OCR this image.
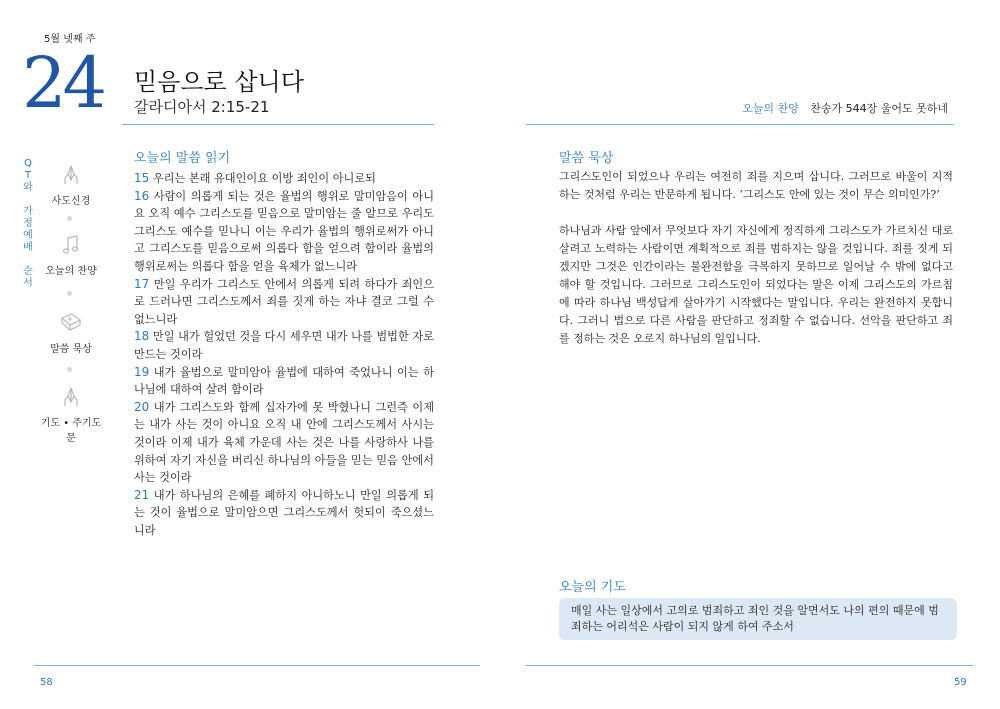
5월 넷째 주
24 믿음으로 삽니다
갈라디아서 2:15-21	오늘의 찬양 찬송가 544장 울어도 못하네
Q
T
와

가
정
예
배

순
서
사도신경
오늘의 찬양
말씀 묵상
기도 • 주기도문
오늘의 말씀 읽기
15 우리는 본래 유대인이요 이방 죄인이 아니로되
16 사람이 의롭게 되는 것은 율법의 행위로 말미암음이 아니요 오직 예수 그리스도를 믿음으로 말미암는 줄 알므로 우리도 그리스도 예수를 믿나니 이는 우리가 율법의 행위로써가 아니고 그리스도를 믿음으로써 의롭다 함을 얻으려 함이라 율법의 행위로써는 의롭다 함을 얻을 육체가 없느니라
17 만일 우리가 그리스도 안에서 의롭게 되려 하다가 죄인으로 드러나면 그리스도께서 죄를 짓게 하는 자냐 결코 그럴 수 없느니라
18 만일 내가 헐었던 것을 다시 세우면 내가 나를 범법한 자로 만드는 것이라
19 내가 율법으로 말미암아 율법에 대하여 죽었나니 이는 하나님에 대하여 살려 함이라
20 내가 그리스도와 함께 십자가에 못 박혔나니 그런즉 이제는 내가 사는 것이 아니요 오직 내 안에 그리스도께서 사시는 것이라 이제 내가 육체 가운데 사는 것은 나를 사랑하사 나를 위하여 자기 자신을 버리신 하나님의 아들을 믿는 믿음 안에서 사는 것이라
21 내가 하나님의 은혜를 폐하지 아니하노니 만일 의롭게 되는 것이 율법으로 말미암으면 그리스도께서 헛되이 죽으셨느니라
말씀 묵상

그리스도인이 되었으나 우리는 여전히 죄를 지으며 삽니다. 그러므로 바울이 지적하는 것처럼 우리는 반문하게 됩니다. ‘그리스도 안에 있는 것이 무슨 의미인가?’

하나님과 사람 앞에서 무엇보다 자기 자신에게 정직하게 그리스도가 가르치신 대로 살려고 노력하는 사람이면 계획적으로 죄를 범하지는 않을 것입니다. 죄를 짓게 되겠지만 그것은 인간이라는 불완전함을 극복하지 못하므로 일어날 수 밖에 없다고 해야 할 것입니다. 그러므로 그리스도인이 되었다는 말은 이제 그리스도의 가르침에 따라 하나님 백성답게 살아가기 시작했다는 말입니다. 우리는 완전하지 못합니다. 그러니 법으로 다른 사람을 판단하고 정죄할 수 없습니다. 선악을 판단하고 죄를 정하는 것은 오로지 하나님의 일입니다.

오늘의 기도
매일 사는 일상에서 고의로 범죄하고 죄인 것을 알면서도 나의 편의 때문에 범죄하는 어리석은 사람이 되지 않게 하여 주소서
58	59
